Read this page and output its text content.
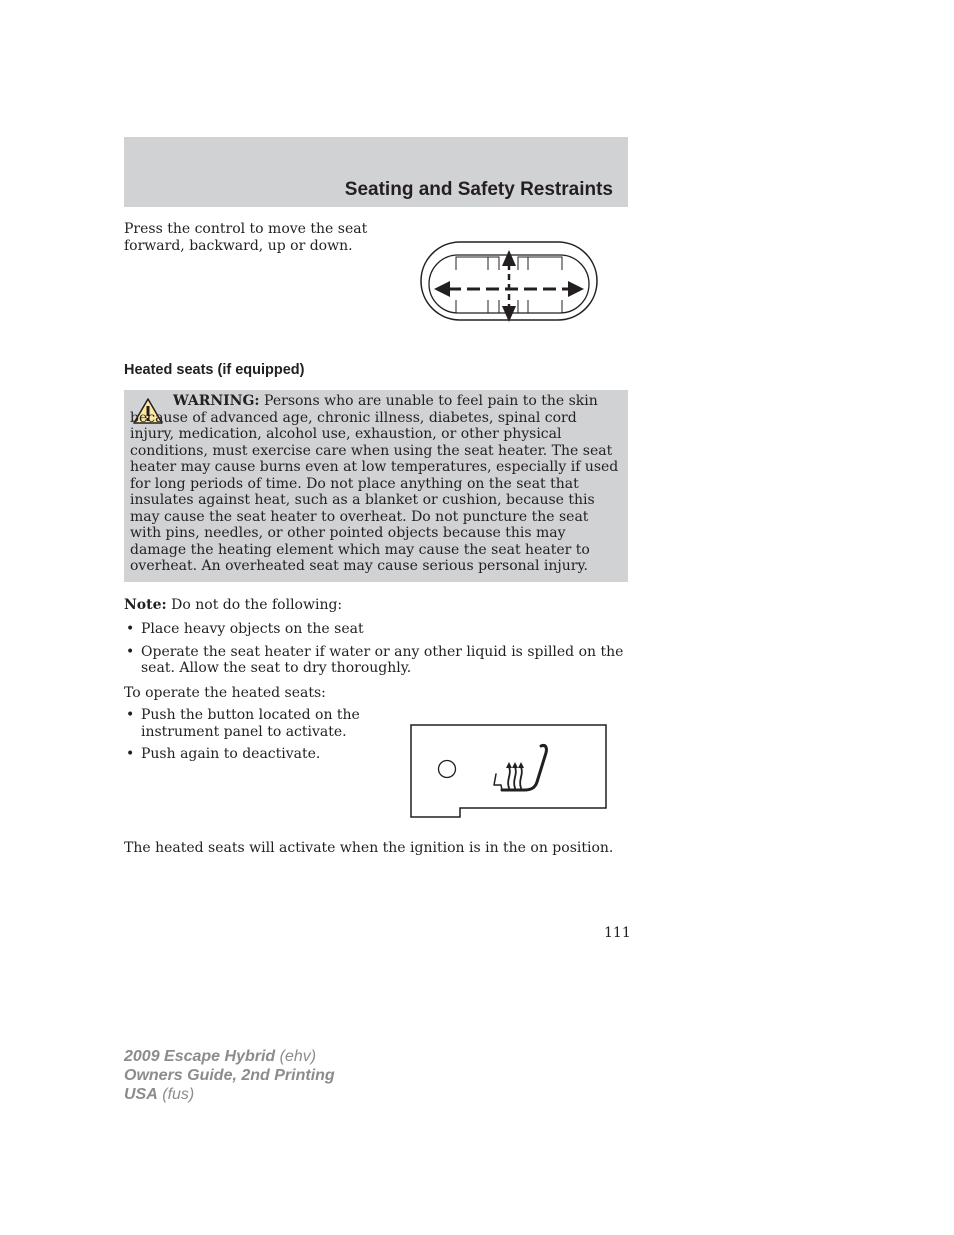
Seating and Safety Restraints

Press the control to move the seat forward, backward, up or down.

Heated seats (if equipped)

WARNING: Persons who are unable to feel pain to the skin because of advanced age, chronic illness, diabetes, spinal cord injury, medication, alcohol use, exhaustion, or other physical conditions, must exercise care when using the seat heater. The seat heater may cause burns even at low temperatures, especially if used for long periods of time. Do not place anything on the seat that insulates against heat, such as a blanket or cushion, because this may cause the seat heater to overheat. Do not puncture the seat with pins, needles, or other pointed objects because this may damage the heating element which may cause the seat heater to overheat. An overheated seat may cause serious personal injury.

Note: Do not do the following:

• Place heavy objects on the seat
• Operate the seat heater if water or any other liquid is spilled on the seat. Allow the seat to dry thoroughly.

To operate the heated seats:

• Push the button located on the instrument panel to activate.
• Push again to deactivate.

The heated seats will activate when the ignition is in the on position.

111

2009 Escape Hybrid (ehv)
Owners Guide, 2nd Printing
USA (fus)
